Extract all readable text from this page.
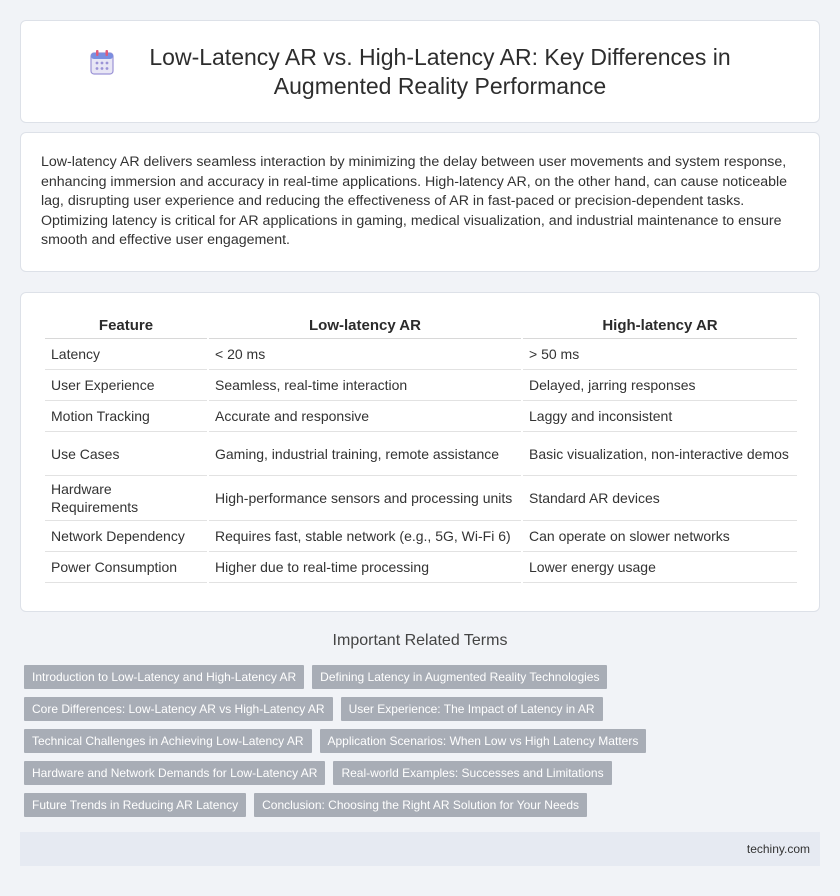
Low-Latency AR vs. High-Latency AR: Key Differences in Augmented Reality Performance

Low-latency AR delivers seamless interaction by minimizing the delay between user movements and system response, enhancing immersion and accuracy in real-time applications. High-latency AR, on the other hand, can cause noticeable lag, disrupting user experience and reducing the effectiveness of AR in fast-paced or precision-dependent tasks. Optimizing latency is critical for AR applications in gaming, medical visualization, and industrial maintenance to ensure smooth and effective user engagement.

Feature	Low-latency AR	High-latency AR
Latency	< 20 ms	> 50 ms
User Experience	Seamless, real-time interaction	Delayed, jarring responses
Motion Tracking	Accurate and responsive	Laggy and inconsistent
Use Cases	Gaming, industrial training, remote assistance	Basic visualization, non-interactive demos
Hardware Requirements	High-performance sensors and processing units	Standard AR devices
Network Dependency	Requires fast, stable network (e.g., 5G, Wi-Fi 6)	Can operate on slower networks
Power Consumption	Higher due to real-time processing	Lower energy usage
Important Related Terms
Introduction to Low-Latency and High-Latency AR	Defining Latency in Augmented Reality Technologies
Core Differences: Low-Latency AR vs High-Latency AR	User Experience: The Impact of Latency in AR
Technical Challenges in Achieving Low-Latency AR	Application Scenarios: When Low vs High Latency Matters
Hardware and Network Demands for Low-Latency AR	Real-world Examples: Successes and Limitations
Future Trends in Reducing AR Latency	Conclusion: Choosing the Right AR Solution for Your Needs
techiny.com
